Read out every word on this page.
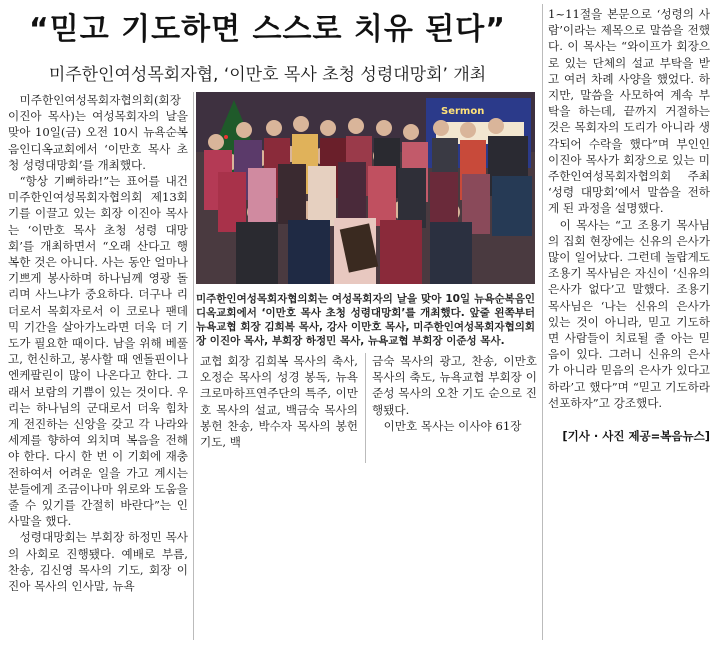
“믿고 기도하면 스스로 치유 된다”
미주한인여성목회자협, ‘이만호 목사 초청 성령대망회’ 개최

미주한인여성목회자협의회(회장 이진아 목사)는 여성목회자의 날을 맞아 10일(금) 오전 10시 뉴욕순복음인디옥교회에서 ‘이만호 목사 초청 성령대망회’를 개최했다.

“항상 기뻐하라!”는 표어를 내건 미주한인여성목회자협의회 제13회기를 이끌고 있는 회장 이진아 목사는 ‘이만호 목사 초청 성령 대망회’를 개최하면서 “오래 산다고 행복한 것은 아니다. 사는 동안 얼마나 기쁘게 봉사하며 하나님께 영광 돌리며 사느냐가 중요하다. 더구나 리더로서 목회자로서 이 코로나 팬데믹 기간을 살아가노라면 더욱 더 기도가 필요한 때이다. 남을 위해 베풀고, 헌신하고, 봉사할 때 엔돌핀이나 엔케팔린이 많이 나온다고 한다. 그래서 보람의 기쁨이 있는 것이다. 우리는 하나님의 군대로서 더욱 힘차게 전진하는 신앙을 갖고 각 나라와 세계를 향하여 외치며 복음을 전해야 한다. 다시 한 번 이 기회에 재충전하여서 어려운 일을 가고 계시는 분들에게 조금이나마 위로와 도움을 줄 수 있기를 간절히 바란다”는 인사말을 했다.

성령대망회는 부회장 하정민 목사의 사회로 진행됐다. 예배로 부름, 찬송, 김신영 목사의 기도, 회장 이진아 목사의 인사말, 뉴욕

Sermon
미주한인여성목회자협의회는 여성목회자의 날을 맞아 10일 뉴욕순복음인디옥교회에서 ‘이만호 목사 초청 성령대망회’를 개최했다. 앞줄 왼쪽부터 뉴욕교협 회장 김희복 목사, 강사 이만호 목사, 미주한인여성목회자협의회장 이진아 목사, 부회장 하정민 목사, 뉴욕교협 부회장 이준성 목사.

교협 회장 김희복 목사의 축사, 오정순 목사의 성경 봉독, 뉴욕크로마하프연주단의 특주, 이만호 목사의 설교, 백금숙 목사의 봉헌 찬송, 박수자 목사의 봉헌 기도, 백

금숙 목사의 광고, 찬송, 이만호 목사의 축도, 뉴욕교협 부회장 이준성 목사의 오찬 기도 순으로 진행됐다.

이만호 목사는 이사야 61장

1~11절을 본문으로 ‘성령의 사람’이라는 제목으로 말씀을 전했다. 이 목사는 “와이프가 회장으로 있는 단체의 설교 부탁을 받고 여러 차례 사양을 했었다. 하지만, 말씀을 사모하여 계속 부탁을 하는데, 끝까지 거절하는 것은 목회자의 도리가 아니라 생각되어 수락을 했다”며 부인인 이진아 목사가 회장으로 있는 미주한인여성목회자협의회 주최 ‘성령 대망회’에서 말씀을 전하게 된 과정을 설명했다.

이 목사는 “고 조용기 목사님의 집회 현장에는 신유의 은사가 많이 일어났다. 그런데 놀랍게도 조용기 목사님은 자신이 ‘신유의 은사가 없다’고 말했다. 조용기 목사님은 ‘나는 신유의 은사가 있는 것이 아니라, 믿고 기도하면 사람들이 치료될 줄 아는 믿음이 있다. 그러니 신유의 은사가 아니라 믿음의 은사가 있다고 하라’고 했다”며 “믿고 기도하라 선포하자”고 강조했다.

[기사 · 사진 제공=복음뉴스]
